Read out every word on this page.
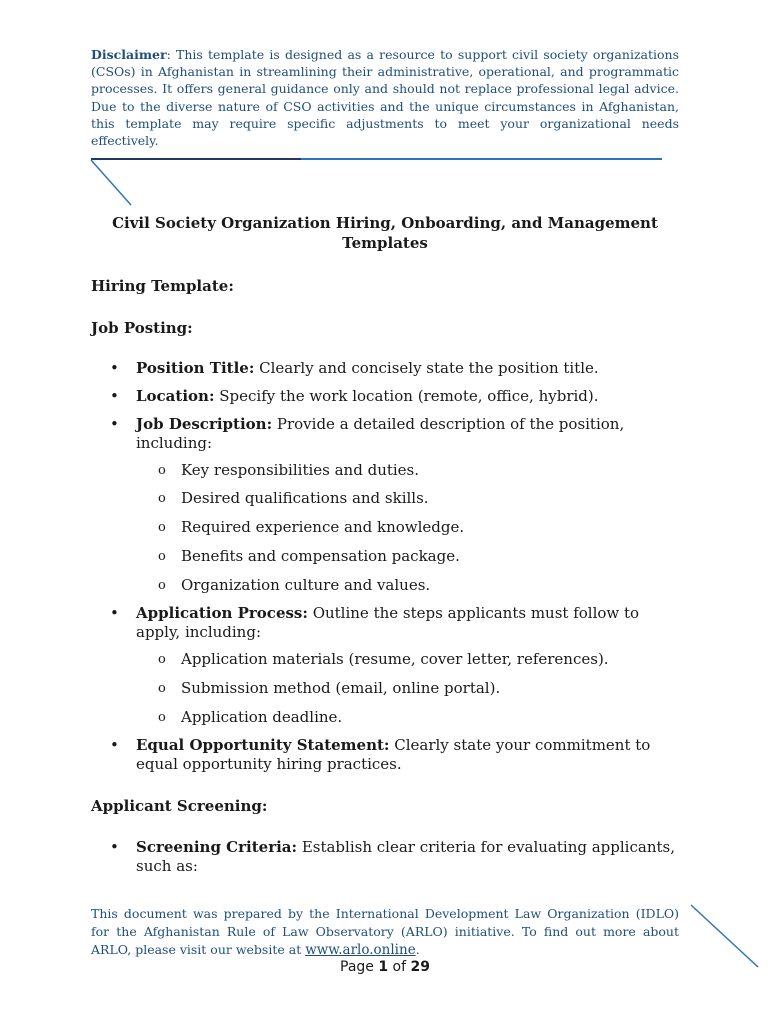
Disclaimer: This template is designed as a resource to support civil society organizations (CSOs) in Afghanistan in streamlining their administrative, operational, and programmatic processes. It offers general guidance only and should not replace professional legal advice. Due to the diverse nature of CSO activities and the unique circumstances in Afghanistan, this template may require specific adjustments to meet your organizational needs effectively.
Civil Society Organization Hiring, Onboarding, and Management Templates
Hiring Template:
Job Posting:
• Position Title: Clearly and concisely state the position title.
• Location: Specify the work location (remote, office, hybrid).
• Job Description: Provide a detailed description of the position, including:
o Key responsibilities and duties.
o Desired qualifications and skills.
o Required experience and knowledge.
o Benefits and compensation package.
o Organization culture and values.
• Application Process: Outline the steps applicants must follow to apply, including:
o Application materials (resume, cover letter, references).
o Submission method (email, online portal).
o Application deadline.
• Equal Opportunity Statement: Clearly state your commitment to equal opportunity hiring practices.
Applicant Screening:
• Screening Criteria: Establish clear criteria for evaluating applicants, such as:
This document was prepared by the International Development Law Organization (IDLO) for the Afghanistan Rule of Law Observatory (ARLO) initiative. To find out more about ARLO, please visit our website at www.arlo.online.
Page 1 of 29
